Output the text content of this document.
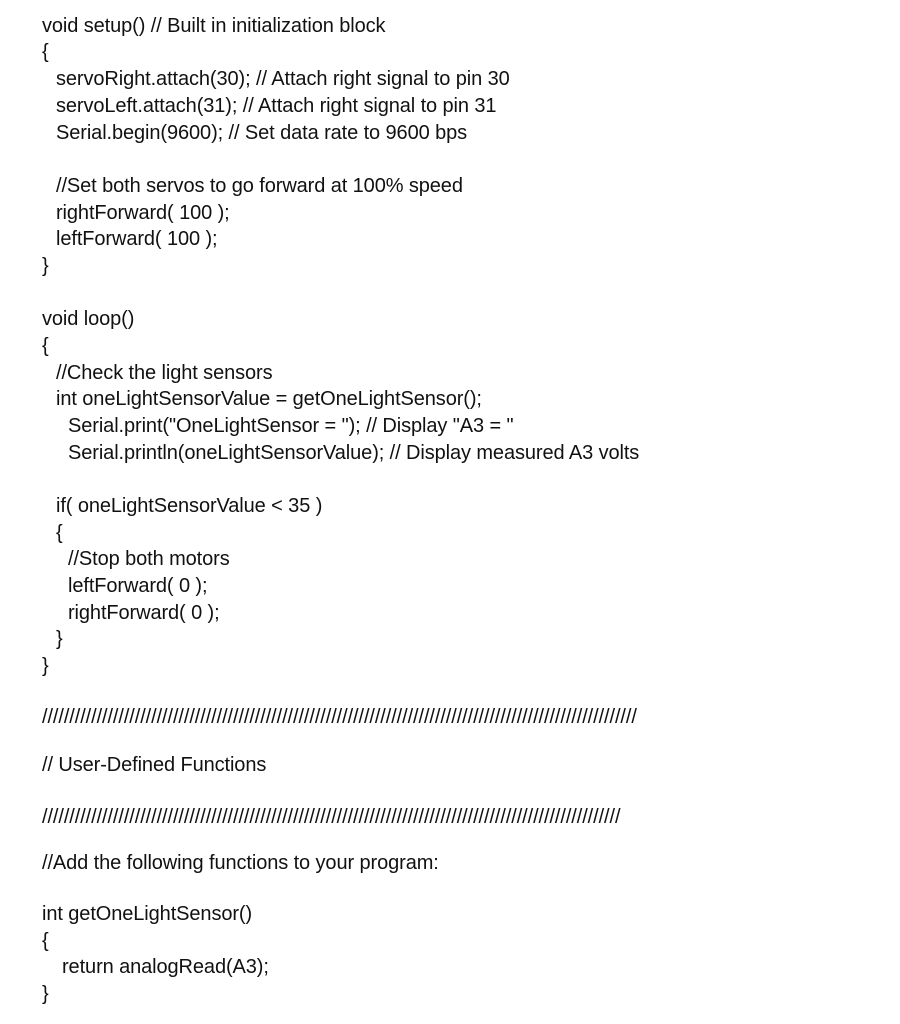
void setup() // Built in initialization block
{
servoRight.attach(30); // Attach right signal to pin 30
servoLeft.attach(31); // Attach right signal to pin 31
Serial.begin(9600); // Set data rate to 9600 bps
//Set both servos to go forward at 100% speed
rightForward( 100 );
leftForward( 100 );
}
void loop()
{
//Check the light sensors
int oneLightSensorValue = getOneLightSensor();
Serial.print("OneLightSensor = "); // Display "A3 = "
Serial.println(oneLightSensorValue); // Display measured A3 volts
if( oneLightSensorValue < 35 )
{
//Stop both motors
leftForward( 0 );
rightForward( 0 );
}
}
/////////////////////////////////////////////////////////////////////////////////////////////////////////////
// User-Defined Functions
//////////////////////////////////////////////////////////////////////////////////////////////////////////
//Add the following functions to your program:
int getOneLightSensor()
{
return analogRead(A3);
}
